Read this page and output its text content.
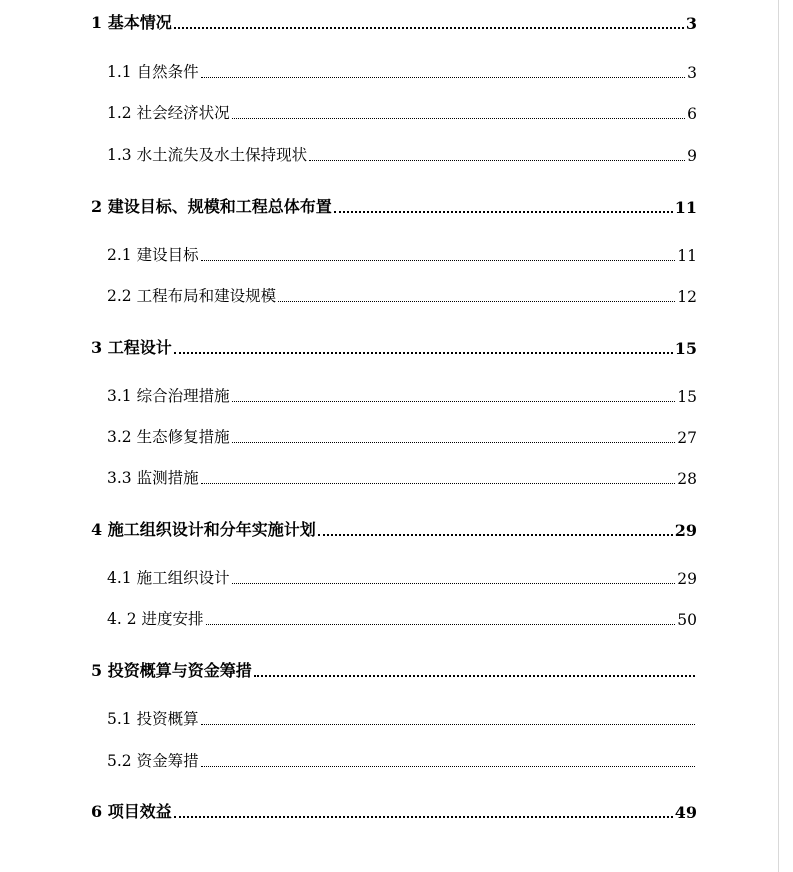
1 基本情况	3
1.1 自然条件	3
1.2 社会经济状况	6
1.3 水土流失及水土保持现状	9
2 建设目标、规模和工程总体布置	11
2.1 建设目标	11
2.2 工程布局和建设规模	12
3 工程设计	15
3.1 综合治理措施	15
3.2 生态修复措施	27
3.3 监测措施	28
4 施工组织设计和分年实施计划	29
4.1 施工组织设计	29
4. 2 进度安排	50
5 投资概算与资金筹措
5.1 投资概算
5.2 资金筹措
6 项目效益	49
